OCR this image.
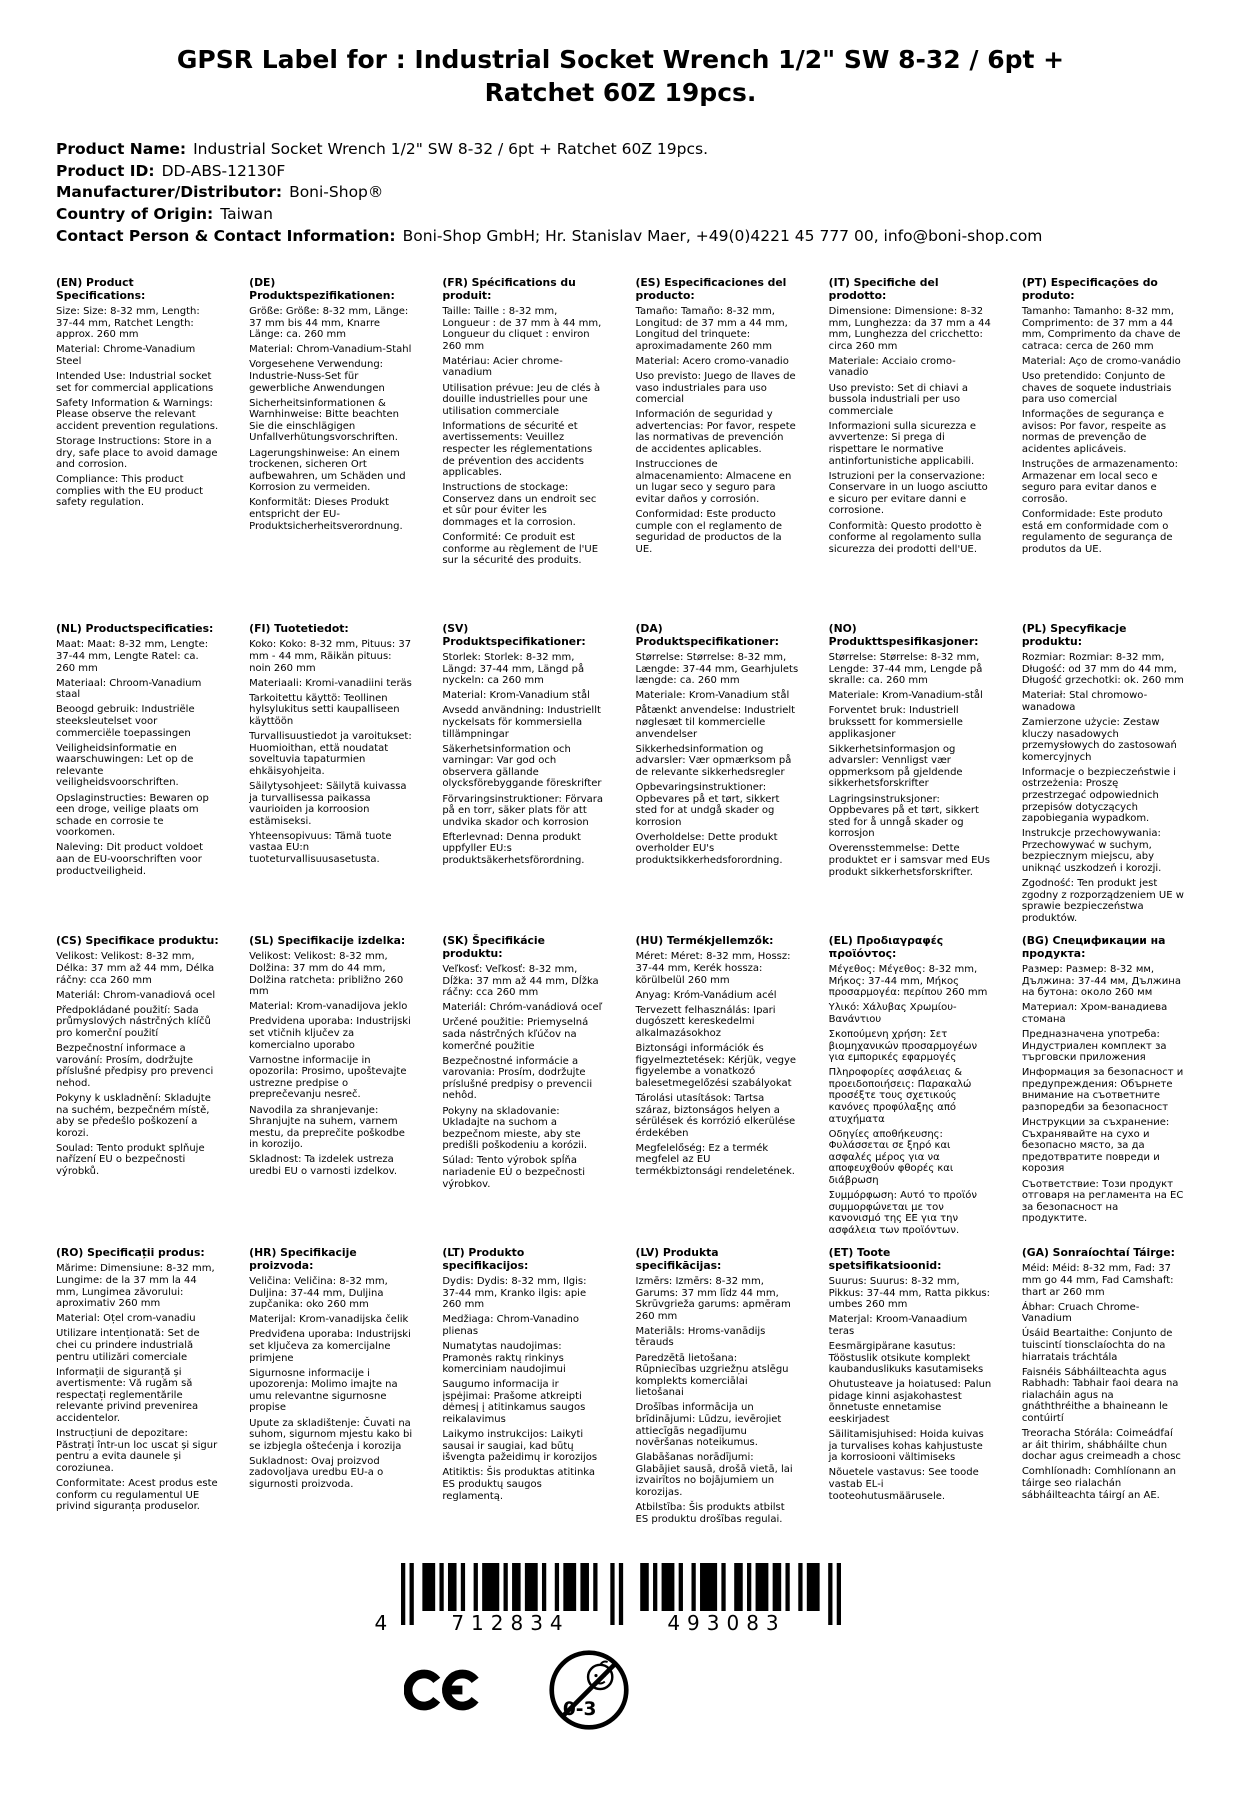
GPSR Label for : Industrial Socket Wrench 1/2" SW 8-32 / 6pt + Ratchet 60Z 19pcs.
Product Name: Industrial Socket Wrench 1/2" SW 8-32 / 6pt + Ratchet 60Z 19pcs.
Product ID: DD-ABS-12130F
Manufacturer/Distributor: Boni-Shop®
Country of Origin: Taiwan
Contact Person & Contact Information: Boni-Shop GmbH; Hr. Stanislav Maer, +49(0)4221 45 777 00, info@boni-shop.com
(EN) Product Specifications:

Size: Size: 8-32 mm, Length: 37-44 mm, Ratchet Length: approx. 260 mm

Material: Chrome-Vanadium Steel

Intended Use: Industrial socket set for commercial applications

Safety Information & Warnings: Please observe the relevant accident prevention regulations.

Storage Instructions: Store in a dry, safe place to avoid damage and corrosion.

Compliance: This product complies with the EU product safety regulation.

(DE) Produktspezifikationen:

Größe: Größe: 8-32 mm, Länge: 37 mm bis 44 mm, Knarre Länge: ca. 260 mm

Material: Chrom-Vanadium-Stahl

Vorgesehene Verwendung: Industrie-Nuss-Set für gewerbliche Anwendungen

Sicherheitsinformationen & Warnhinweise: Bitte beachten Sie die einschlägigen Unfallverhütungsvorschriften.

Lagerungshinweise: An einem trockenen, sicheren Ort aufbewahren, um Schäden und Korrosion zu vermeiden.

Konformität: Dieses Produkt entspricht der EU-Produktsicherheitsverordnung.

(FR) Spécifications du produit:

Taille: Taille : 8-32 mm, Longueur : de 37 mm à 44 mm, Longueur du cliquet : environ 260 mm

Matériau: Acier chrome-vanadium

Utilisation prévue: Jeu de clés à douille industrielles pour une utilisation commerciale

Informations de sécurité et avertissements: Veuillez respecter les réglementations de prévention des accidents applicables.

Instructions de stockage: Conservez dans un endroit sec et sûr pour éviter les dommages et la corrosion.

Conformité: Ce produit est conforme au règlement de l'UE sur la sécurité des produits.

(ES) Especificaciones del producto:

Tamaño: Tamaño: 8-32 mm, Longitud: de 37 mm a 44 mm, Longitud del trinquete: aproximadamente 260 mm

Material: Acero cromo-vanadio

Uso previsto: Juego de llaves de vaso industriales para uso comercial

Información de seguridad y advertencias: Por favor, respete las normativas de prevención de accidentes aplicables.

Instrucciones de almacenamiento: Almacene en un lugar seco y seguro para evitar daños y corrosión.

Conformidad: Este producto cumple con el reglamento de seguridad de productos de la UE.

(IT) Specifiche del prodotto:

Dimensione: Dimensione: 8-32 mm, Lunghezza: da 37 mm a 44 mm, Lunghezza del cricchetto: circa 260 mm

Materiale: Acciaio cromo-vanadio

Uso previsto: Set di chiavi a bussola industriali per uso commerciale

Informazioni sulla sicurezza e avvertenze: Si prega di rispettare le normative antinfortunistiche applicabili.

Istruzioni per la conservazione: Conservare in un luogo asciutto e sicuro per evitare danni e corrosione.

Conformità: Questo prodotto è conforme al regolamento sulla sicurezza dei prodotti dell'UE.

(PT) Especificações do produto:

Tamanho: Tamanho: 8-32 mm, Comprimento: de 37 mm a 44 mm, Comprimento da chave de catraca: cerca de 260 mm

Material: Aço de cromo-vanádio

Uso pretendido: Conjunto de chaves de soquete industriais para uso comercial

Informações de segurança e avisos: Por favor, respeite as normas de prevenção de acidentes aplicáveis.

Instruções de armazenamento: Armazenar em local seco e seguro para evitar danos e corrosão.

Conformidade: Este produto está em conformidade com o regulamento de segurança de produtos da UE.

(NL) Productspecificaties:

Maat: Maat: 8-32 mm, Lengte: 37-44 mm, Lengte Ratel: ca. 260 mm

Materiaal: Chroom-Vanadium staal

Beoogd gebruik: Industriële steeksleutelset voor commerciële toepassingen

Veiligheidsinformatie en waarschuwingen: Let op de relevante veiligheidsvoorschriften.

Opslaginstructies: Bewaren op een droge, veilige plaats om schade en corrosie te voorkomen.

Naleving: Dit product voldoet aan de EU-voorschriften voor productveiligheid.

(FI) Tuotetiedot:

Koko: Koko: 8-32 mm, Pituus: 37 mm - 44 mm, Räikän pituus: noin 260 mm

Materiaali: Kromi-vanadiini teräs

Tarkoitettu käyttö: Teollinen hylsylukitus setti kaupalliseen käyttöön

Turvallisuustiedot ja varoitukset: Huomioithan, että noudatat soveltuvia tapaturmien ehkäisyohjeita.

Säilytysohjeet: Säilytä kuivassa ja turvallisessa paikassa vaurioiden ja korroosion estämiseksi.

Yhteensopivuus: Tämä tuote vastaa EU:n tuoteturvallisuusasetusta.

(SV) Produktspecifikationer:

Storlek: Storlek: 8-32 mm, Längd: 37-44 mm, Längd på nyckeln: ca 260 mm

Material: Krom-Vanadium stål

Avsedd användning: Industriellt nyckelsats för kommersiella tillämpningar

Säkerhetsinformation och varningar: Var god och observera gällande olycksförebyggande föreskrifter

Förvaringsinstruktioner: Förvara på en torr, säker plats för att undvika skador och korrosion

Efterlevnad: Denna produkt uppfyller EU:s produktsäkerhetsförordning.

(DA) Produktspecifikationer:

Størrelse: Størrelse: 8-32 mm, Længde: 37-44 mm, Gearhjulets længde: ca. 260 mm

Materiale: Krom-Vanadium stål

Påtænkt anvendelse: Industrielt nøglesæt til kommercielle anvendelser

Sikkerhedsinformation og advarsler: Vær opmærksom på de relevante sikkerhedsregler

Opbevaringsinstruktioner: Opbevares på et tørt, sikkert sted for at undgå skader og korrosion

Overholdelse: Dette produkt overholder EU's produktsikkerhedsforordning.

(NO) Produkttspesifikasjoner:

Størrelse: Størrelse: 8-32 mm, Lengde: 37-44 mm, Lengde på skralle: ca. 260 mm

Materiale: Krom-Vanadium-stål

Forventet bruk: Industriell brukssett for kommersielle applikasjoner

Sikkerhetsinformasjon og advarsler: Vennligst vær oppmerksom på gjeldende sikkerhetsforskrifter

Lagringsinstruksjoner: Oppbevares på et tørt, sikkert sted for å unngå skader og korrosjon

Overensstemmelse: Dette produktet er i samsvar med EUs produkt sikkerhetsforskrifter.

(PL) Specyfikacje produktu:

Rozmiar: Rozmiar: 8-32 mm, Długość: od 37 mm do 44 mm, Długość grzechotki: ok. 260 mm

Materiał: Stal chromowo-wanadowa

Zamierzone użycie: Zestaw kluczy nasadowych przemysłowych do zastosowań komercyjnych

Informacje o bezpieczeństwie i ostrzeżenia: Proszę przestrzegać odpowiednich przepisów dotyczących zapobiegania wypadkom.

Instrukcje przechowywania: Przechowywać w suchym, bezpiecznym miejscu, aby uniknąć uszkodzeń i korozji.

Zgodność: Ten produkt jest zgodny z rozporządzeniem UE w sprawie bezpieczeństwa produktów.

(CS) Specifikace produktu:

Velikost: Velikost: 8-32 mm, Délka: 37 mm až 44 mm, Délka ráčny: cca 260 mm

Materiál: Chrom-vanadiová ocel

Předpokládané použití: Sada průmyslových nástrčných klíčů pro komerční použití

Bezpečnostní informace a varování: Prosím, dodržujte příslušné předpisy pro prevenci nehod.

Pokyny k uskladnění: Skladujte na suchém, bezpečném místě, aby se předešlo poškození a korozi.

Soulad: Tento produkt splňuje nařízení EU o bezpečnosti výrobků.

(SL) Specifikacije izdelka:

Velikost: Velikost: 8-32 mm, Dolžina: 37 mm do 44 mm, Dolžina ratcheta: približno 260 mm

Material: Krom-vanadijova jeklo

Predvidena uporaba: Industrijski set vtičnih ključev za komercialno uporabo

Varnostne informacije in opozorila: Prosimo, upoštevajte ustrezne predpise o preprečevanju nesreč.

Navodila za shranjevanje: Shranjujte na suhem, varnem mestu, da preprečite poškodbe in korozijo.

Skladnost: Ta izdelek ustreza uredbi EU o varnosti izdelkov.

(SK) Špecifikácie produktu:

Veľkosť: Veľkosť: 8-32 mm, Dĺžka: 37 mm až 44 mm, Dĺžka ráčny: cca 260 mm

Materiál: Chróm-vanádiová oceľ

Určené použitie: Priemyselná sada nástrčných kľúčov na komerčné použitie

Bezpečnostné informácie a varovania: Prosím, dodržujte príslušné predpisy o prevencii nehôd.

Pokyny na skladovanie: Ukladajte na suchom a bezpečnom mieste, aby ste predišli poškodeniu a korózii.

Súlad: Tento výrobok spĺňa nariadenie EÚ o bezpečnosti výrobkov.

(HU) Termékjellemzők:

Méret: Méret: 8-32 mm, Hossz: 37-44 mm, Kerék hossza: körülbelül 260 mm

Anyag: Króm-Vanádium acél

Tervezett felhasználás: Ipari dugószett kereskedelmi alkalmazásokhoz

Biztonsági információk és figyelmeztetések: Kérjük, vegye figyelembe a vonatkozó balesetmegelőzési szabályokat

Tárolási utasítások: Tartsa száraz, biztonságos helyen a sérülések és korrózió elkerülése érdekében

Megfelelőség: Ez a termék megfelel az EU termékbiztonsági rendeletének.

(EL) Προδιαγραφές προϊόντος:

Μέγεθος: Μέγεθος: 8-32 mm, Μήκος: 37-44 mm, Μήκος προσαρμογέα: περίπου 260 mm

Υλικό: Χάλυβας Χρωμίου-Βανάντιου

Σκοπούμενη χρήση: Σετ βιομηχανικών προσαρμογέων για εμπορικές εφαρμογές

Πληροφορίες ασφάλειας & προειδοποιήσεις: Παρακαλώ προσέξτε τους σχετικούς κανόνες προφύλαξης από ατυχήματα

Οδηγίες αποθήκευσης: Φυλάσσεται σε ξηρό και ασφαλές μέρος για να αποφευχθούν φθορές και διάβρωση

Συμμόρφωση: Αυτό το προϊόν συμμορφώνεται με τον κανονισμό της ΕΕ για την ασφάλεια των προϊόντων.

(BG) Спецификации на продукта:

Размер: Размер: 8-32 мм, Дължина: 37-44 мм, Дължина на бутона: около 260 мм

Материал: Хром-ванадиева стомана

Предназначена употреба: Индустриален комплект за търговски приложения

Информация за безопасност и предупреждения: Обърнете внимание на съответните разпоредби за безопасност

Инструкции за съхранение: Съхранявайте на сухо и безопасно място, за да предотвратите повреди и корозия

Съответствие: Този продукт отговаря на регламента на ЕС за безопасност на продуктите.

(RO) Specificații produs:

Mărime: Dimensiune: 8-32 mm, Lungime: de la 37 mm la 44 mm, Lungimea zăvorului: aproximativ 260 mm

Material: Oțel crom-vanadiu

Utilizare intenționată: Set de chei cu prindere industrială pentru utilizări comerciale

Informații de siguranță și avertismente: Vă rugăm să respectați reglementările relevante privind prevenirea accidentelor.

Instrucțiuni de depozitare: Păstrați într-un loc uscat și sigur pentru a evita daunele și coroziunea.

Conformitate: Acest produs este conform cu regulamentul UE privind siguranța produselor.

(HR) Specifikacije proizvoda:

Veličina: Veličina: 8-32 mm, Duljina: 37-44 mm, Duljina zupčanika: oko 260 mm

Materijal: Krom-vanadijska čelik

Predviđena uporaba: Industrijski set ključeva za komercijalne primjene

Sigurnosne informacije i upozorenja: Molimo imajte na umu relevantne sigurnosne propise

Upute za skladištenje: Čuvati na suhom, sigurnom mjestu kako bi se izbjegla oštećenja i korozija

Sukladnost: Ovaj proizvod zadovoljava uredbu EU-a o sigurnosti proizvoda.

(LT) Produkto specifikacijos:

Dydis: Dydis: 8-32 mm, Ilgis: 37-44 mm, Kranko ilgis: apie 260 mm

Medžiaga: Chrom-Vanadino plienas

Numatytas naudojimas: Pramonės raktų rinkinys komerciniam naudojimui

Saugumo informacija ir įspėjimai: Prašome atkreipti dėmesį į atitinkamus saugos reikalavimus

Laikymo instrukcijos: Laikyti sausai ir saugiai, kad būtų išvengta pažeidimų ir korozijos

Atitiktis: Šis produktas atitinka ES produktų saugos reglamentą.

(LV) Produkta specifikācijas:

Izmērs: Izmērs: 8-32 mm, Garums: 37 mm līdz 44 mm, Skrūvgrieža garums: apmēram 260 mm

Materiāls: Hroms-vanādijs tērauds

Paredzētā lietošana: Rūpniecības uzgriežņu atslēgu komplekts komerciālai lietošanai

Drošības informācija un brīdinājumi: Lūdzu, ievērojiet attiecīgās negadījumu novēršanas noteikumus.

Glabāšanas norādījumi: Glabājiet sausā, drošā vietā, lai izvairītos no bojājumiem un korozijas.

Atbilstība: Šis produkts atbilst ES produktu drošības regulai.

(ET) Toote spetsifikatsioonid:

Suurus: Suurus: 8-32 mm, Pikkus: 37-44 mm, Ratta pikkus: umbes 260 mm

Materjal: Kroom-Vanaadium teras

Eesmärgipärane kasutus: Tööstuslik otsikute komplekt kaubanduslikuks kasutamiseks

Ohutusteave ja hoiatused: Palun pidage kinni asjakohastest õnnetuste ennetamise eeskirjadest

Säilitamisjuhised: Hoida kuivas ja turvalises kohas kahjustuste ja korrosiooni vältimiseks

Nõuetele vastavus: See toode vastab EL-i tooteohutusmäärusele.

(GA) Sonraíochtaí Táirge:

Méid: Méid: 8-32 mm, Fad: 37 mm go 44 mm, Fad Camshaft: thart ar 260 mm

Ábhar: Cruach Chrome-Vanadium

Úsáid Beartaithe: Conjunto de tuiscintí tionsclaíochta do na hiarratais tráchtála

Faisnéis Sábháilteachta agus Rabhadh: Tabhair faoi deara na rialacháin agus na gnáththréithe a bhaineann le contúirtí

Treoracha Stórála: Coimeádfaí ar áit thirim, shábháilte chun dochar agus creimeadh a chosc

Comhlíonadh: Comhlíonann an táirge seo rialachán sábháilteachta táirgí an AE.

4	712834	493083
0-3
